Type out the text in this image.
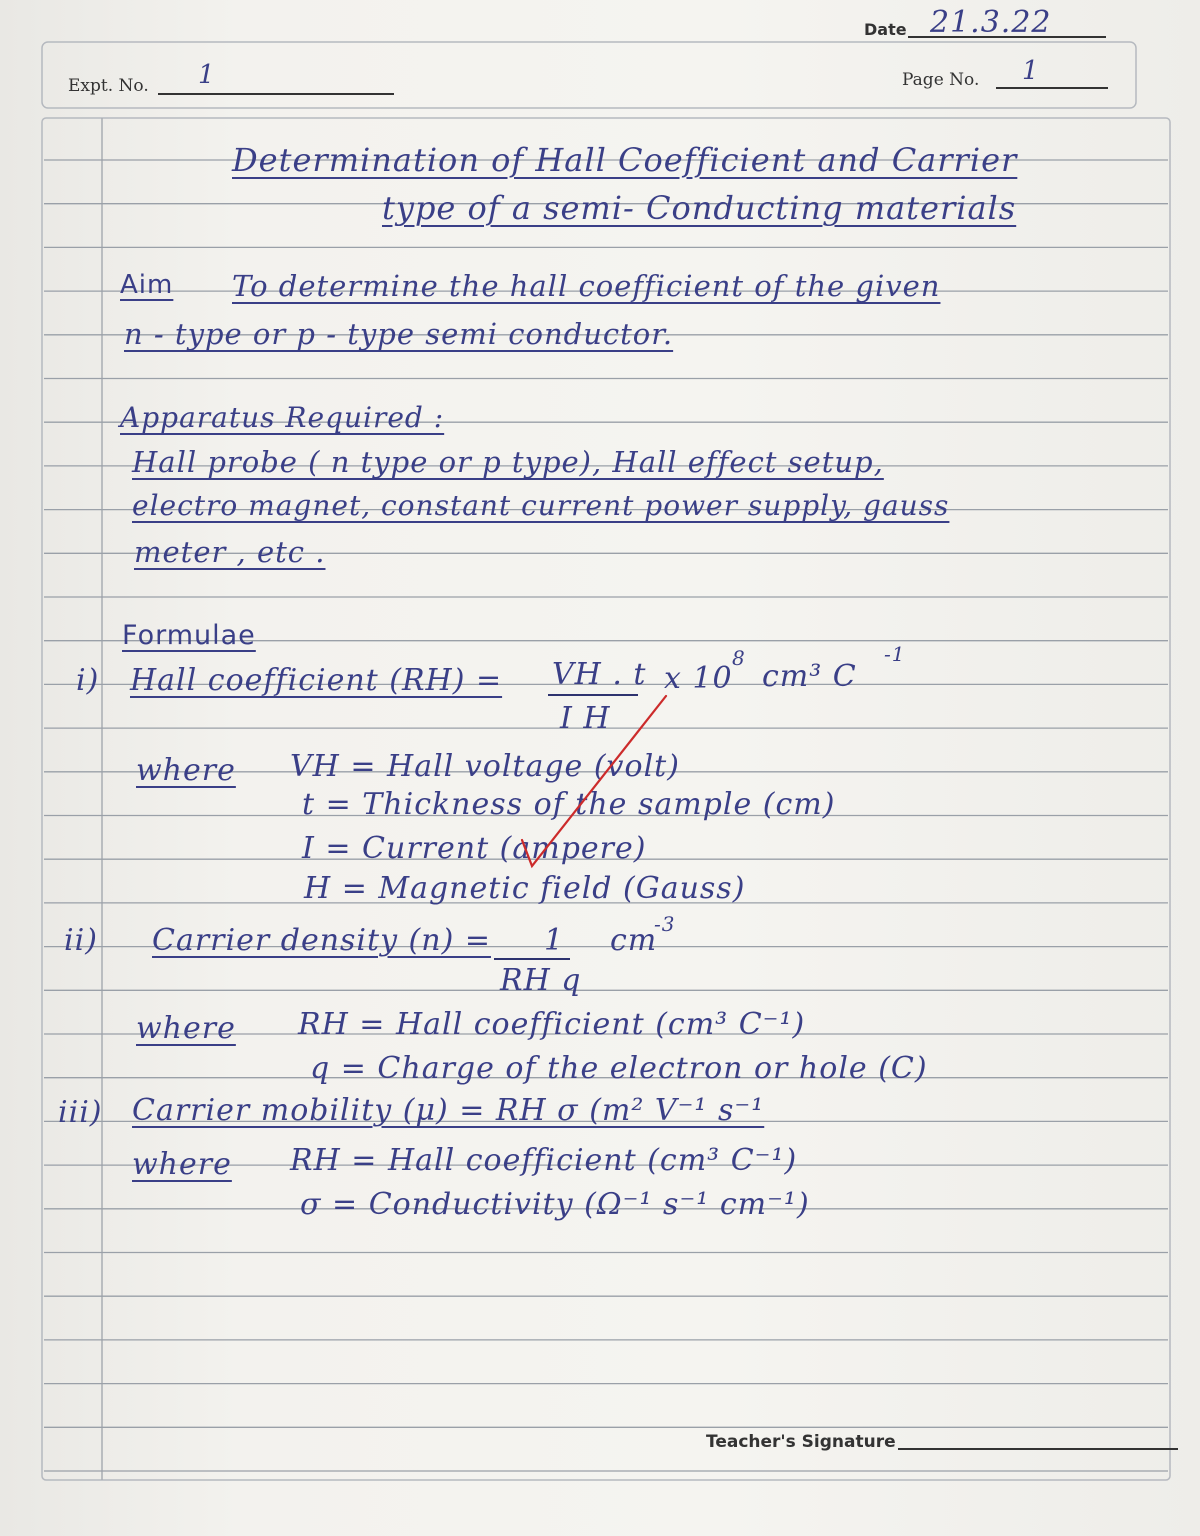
Date 21.3.22
Expt. No. 1	Page No. 1
Determination of Hall Coefficient and Carrier
type of a semi- Conducting materials
Aim To determine the hall coefficient of the given
n - type or p - type semi conductor.
Apparatus Required :
Hall probe ( n type or p type), Hall effect setup,
electro magnet, constant current power supply, gauss
meter , etc .
Formulae
i) Hall coefficient (RH) = VH . t
I H
x 10
8
cm³ C
-1
where VH = Hall voltage (volt)
t = Thickness of the sample (cm)
I = Current (ampere)
H = Magnetic field (Gauss)
ii) Carrier density (n) = 1
RH q
cm
-3
where RH = Hall coefficient (cm³ C⁻¹)
q = Charge of the electron or hole (C)
iii) Carrier mobility (μ) = RH σ (m² V⁻¹ s⁻¹
where RH = Hall coefficient (cm³ C⁻¹)
σ = Conductivity (Ω⁻¹ s⁻¹ cm⁻¹)
Teacher's Signature
